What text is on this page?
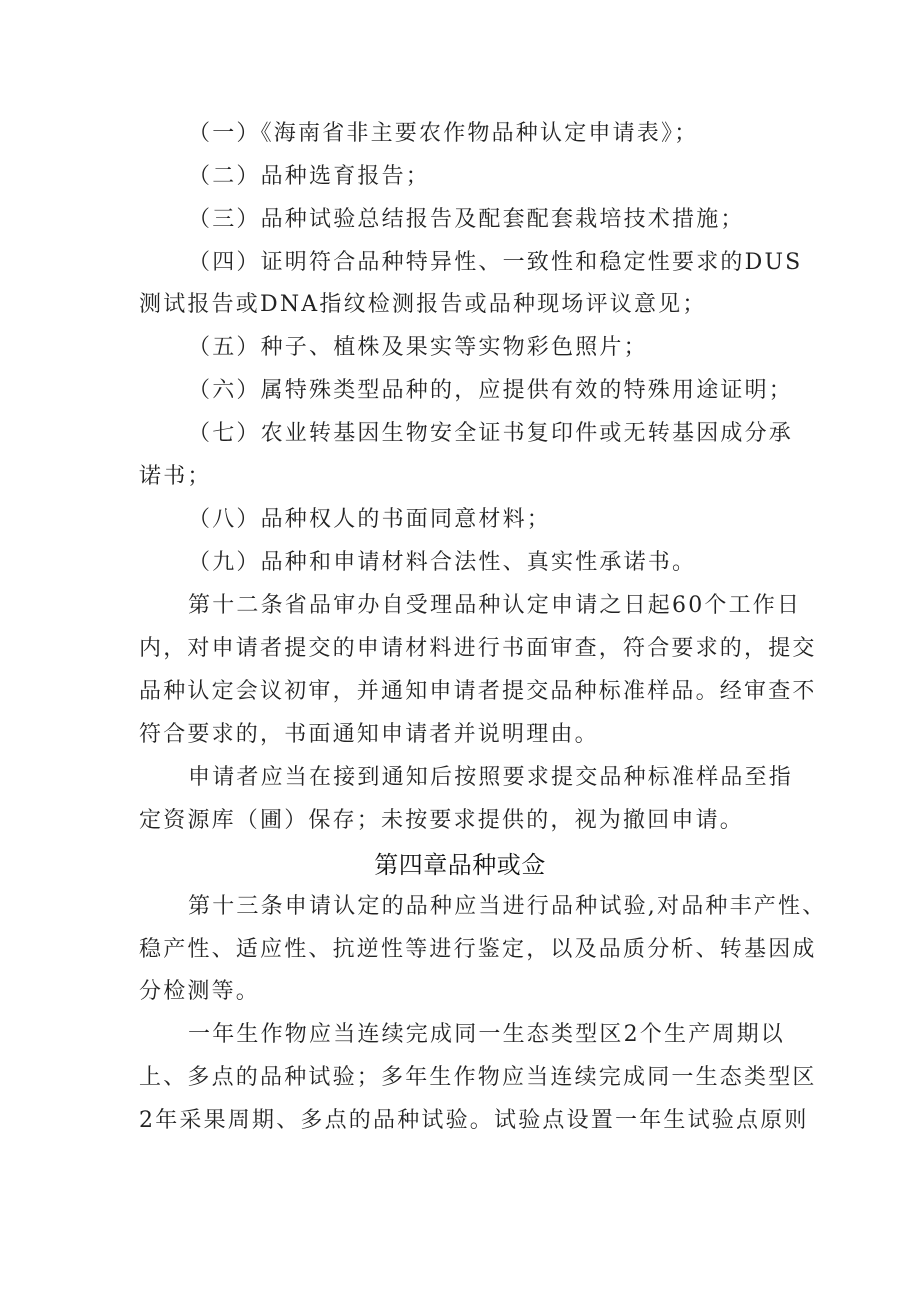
（一）《海南省非主要农作物品种认定申请表》；
（二）品种选育报告；
（三）品种试验总结报告及配套配套栽培技术措施；
（四）证明符合品种特异性、一致性和稳定性要求的DUS
测试报告或DNA指纹检测报告或品种现场评议意见；
（五）种子、植株及果实等实物彩色照片；
（六）属特殊类型品种的，应提供有效的特殊用途证明；
（七）农业转基因生物安全证书复印件或无转基因成分承
诺书；
（八）品种权人的书面同意材料；
（九）品种和申请材料合法性、真实性承诺书。
第十二条省品审办自受理品种认定申请之日起60个工作日
内，对申请者提交的申请材料进行书面审查，符合要求的，提交
品种认定会议初审，并通知申请者提交品种标准样品。经审查不
符合要求的，书面通知申请者并说明理由。
申请者应当在接到通知后按照要求提交品种标准样品至指
定资源库（圃）保存；未按要求提供的，视为撤回申请。
第四章品种或佥
第十三条申请认定的品种应当进行品种试验,对品种丰产性、
稳产性、适应性、抗逆性等进行鉴定，以及品质分析、转基因成
分检测等。
一年生作物应当连续完成同一生态类型区2个生产周期以
上、多点的品种试验；多年生作物应当连续完成同一生态类型区
2年采果周期、多点的品种试验。试验点设置一年生试验点原则
